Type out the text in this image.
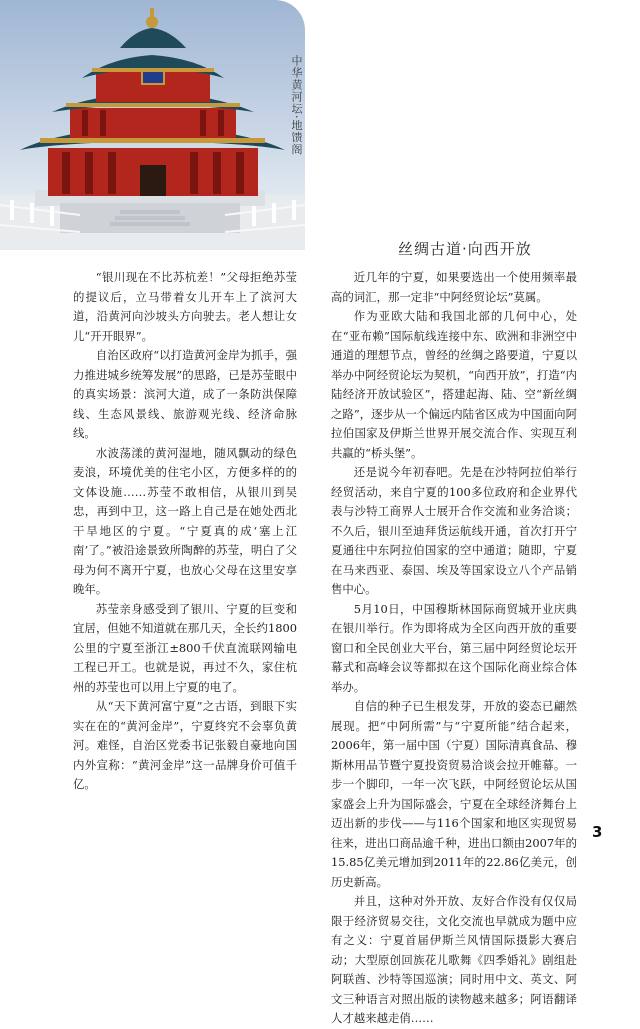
中华黄河坛·地馈阁
丝绸古道·向西开放

“银川现在不比苏杭差！”父母拒绝苏莹的提议后，立马带着女儿开车上了滨河大道，沿黄河向沙坡头方向驶去。老人想让女儿“开开眼界”。

自治区政府“以打造黄河金岸为抓手，强力推进城乡统筹发展”的思路，已是苏莹眼中的真实场景：滨河大道，成了一条防洪保障线、生态风景线、旅游观光线、经济命脉线。

水波荡漾的黄河湿地，随风飘动的绿色麦浪，环境优美的住宅小区，方便多样的的文体设施……苏莹不敢相信，从银川到吴忠，再到中卫，这一路上自己是在她处西北干旱地区的宁夏。“宁夏真的成‘塞上江南’了。”被沿途景致所陶醉的苏莹，明白了父母为何不离开宁夏，也放心父母在这里安享晚年。

苏莹亲身感受到了银川、宁夏的巨变和宜居，但她不知道就在那几天，全长约1800公里的宁夏至浙江±800千伏直流联网输电工程已开工。也就是说，再过不久，家住杭州的苏莹也可以用上宁夏的电了。

从“天下黄河富宁夏”之古语，到眼下实实在在的“黄河金岸”，宁夏终究不会辜负黄河。难怪，自治区党委书记张毅自豪地向国内外宣称：“黄河金岸”这一品牌身价可值千亿。

近几年的宁夏，如果要选出一个使用频率最高的词汇，那一定非“中阿经贸论坛”莫属。

作为亚欧大陆和我国北部的几何中心，处在“亚布赖”国际航线连接中东、欧洲和非洲空中通道的理想节点，曾经的丝绸之路要道，宁夏以举办中阿经贸论坛为契机，“向西开放”，打造“内陆经济开放试验区”，搭建起海、陆、空“新丝绸之路”，逐步从一个偏远内陆省区成为中国面向阿拉伯国家及伊斯兰世界开展交流合作、实现互利共赢的“桥头堡”。

还是说今年初春吧。先是在沙特阿拉伯举行经贸活动，来自宁夏的100多位政府和企业界代表与沙特工商界人士展开合作交流和业务洽谈；不久后，银川至迪拜货运航线开通，首次打开宁夏通往中东阿拉伯国家的空中通道；随即，宁夏在马来西亚、泰国、埃及等国家设立八个产品销售中心。

5月10日，中国穆斯林国际商贸城开业庆典在银川举行。作为即将成为全区向西开放的重要窗口和全民创业大平台，第三届中阿经贸论坛开幕式和高峰会议等都拟在这个国际化商业综合体举办。

自信的种子已生根发芽，开放的姿态已翩然展现。把“中阿所需”与“宁夏所能”结合起来，2006年，第一届中国（宁夏）国际清真食品、穆斯林用品节暨宁夏投资贸易洽谈会拉开帷幕。一步一个脚印，一年一次飞跃，中阿经贸论坛从国家盛会上升为国际盛会，宁夏在全球经济舞台上迈出新的步伐——与116个国家和地区实现贸易往来，进出口商品逾千种，进出口额由2007年的15.85亿美元增加到2011年的22.86亿美元，创历史新高。

并且，这种对外开放、友好合作没有仅仅局限于经济贸易交往，文化交流也早就成为题中应有之义：宁夏首届伊斯兰风情国际摄影大赛启动；大型原创回族花儿歌舞《四季婚礼》剧组赴阿联酋、沙特等国巡演；同时用中文、英文、阿文三种语言对照出版的读物越来越多；阿语翻译人才越来越走俏……

3
